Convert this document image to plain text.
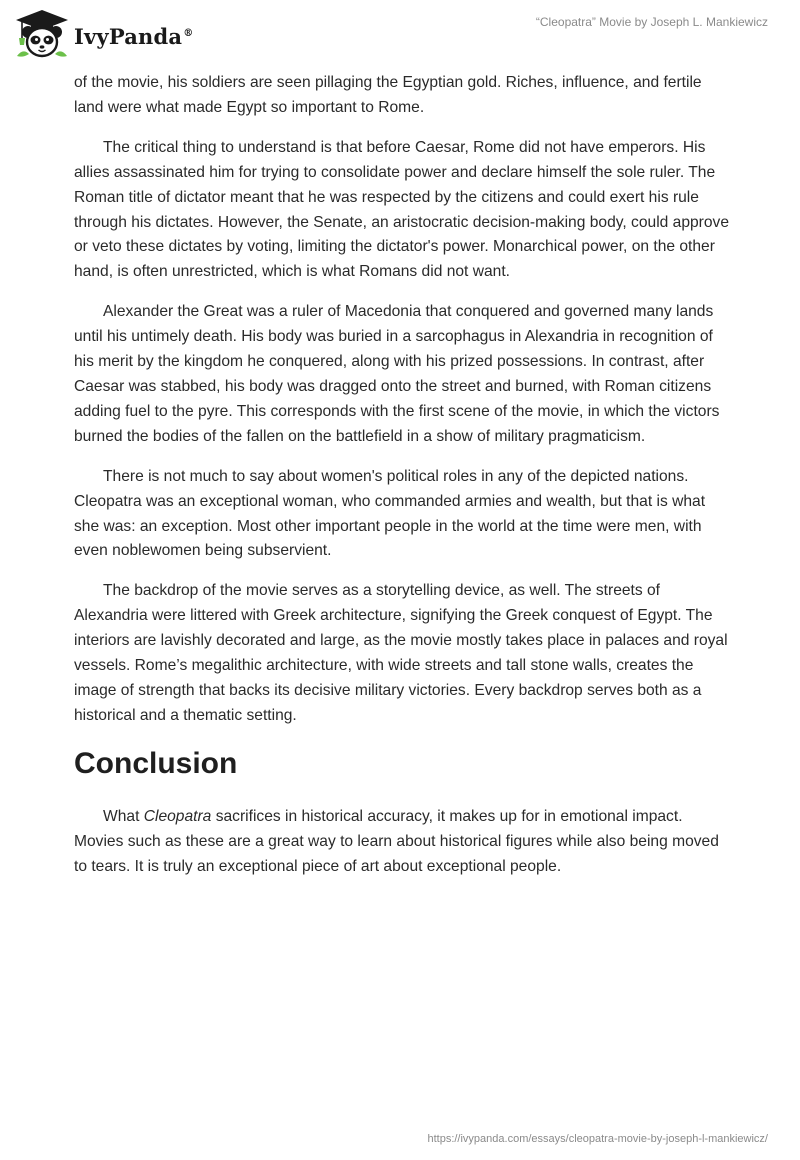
IvyPanda®
“Cleopatra” Movie by Joseph L. Mankiewicz

of the movie, his soldiers are seen pillaging the Egyptian gold. Riches, influence, and fertile land were what made Egypt so important to Rome.

The critical thing to understand is that before Caesar, Rome did not have emperors. His allies assassinated him for trying to consolidate power and declare himself the sole ruler. The Roman title of dictator meant that he was respected by the citizens and could exert his rule through his dictates. However, the Senate, an aristocratic decision-making body, could approve or veto these dictates by voting, limiting the dictator's power. Monarchical power, on the other hand, is often unrestricted, which is what Romans did not want.

Alexander the Great was a ruler of Macedonia that conquered and governed many lands until his untimely death. His body was buried in a sarcophagus in Alexandria in recognition of his merit by the kingdom he conquered, along with his prized possessions. In contrast, after Caesar was stabbed, his body was dragged onto the street and burned, with Roman citizens adding fuel to the pyre. This corresponds with the first scene of the movie, in which the victors burned the bodies of the fallen on the battlefield in a show of military pragmaticism.

There is not much to say about women's political roles in any of the depicted nations. Cleopatra was an exceptional woman, who commanded armies and wealth, but that is what she was: an exception. Most other important people in the world at the time were men, with even noblewomen being subservient.

The backdrop of the movie serves as a storytelling device, as well. The streets of Alexandria were littered with Greek architecture, signifying the Greek conquest of Egypt. The interiors are lavishly decorated and large, as the movie mostly takes place in palaces and royal vessels. Rome’s megalithic architecture, with wide streets and tall stone walls, creates the image of strength that backs its decisive military victories. Every backdrop serves both as a historical and a thematic setting.

Conclusion

What Cleopatra sacrifices in historical accuracy, it makes up for in emotional impact. Movies such as these are a great way to learn about historical figures while also being moved to tears. It is truly an exceptional piece of art about exceptional people.

https://ivypanda.com/essays/cleopatra-movie-by-joseph-l-mankiewicz/
